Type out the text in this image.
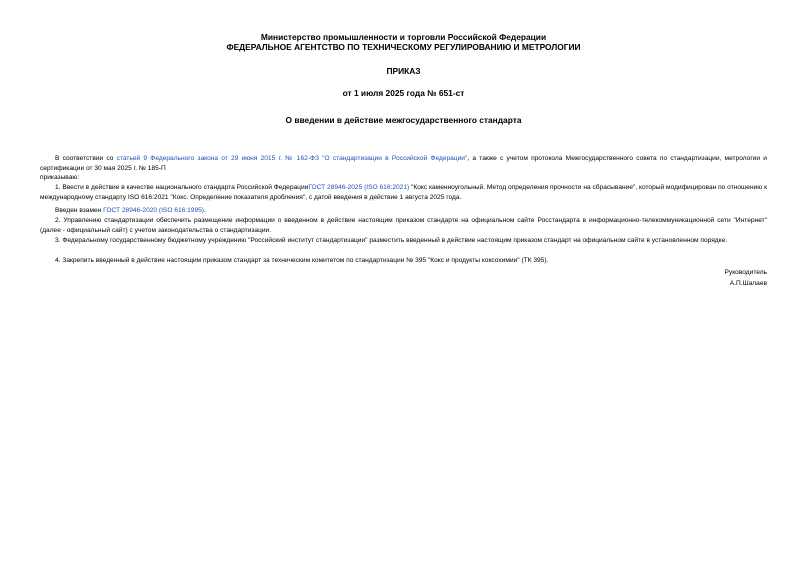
Министерство промышленности и торговли Российской Федерации
ФЕДЕРАЛЬНОЕ АГЕНТСТВО ПО ТЕХНИЧЕСКОМУ РЕГУЛИРОВАНИЮ И МЕТРОЛОГИИ
ПРИКАЗ
от 1 июля 2025 года № 651-ст
О введении в действие межгосударственного стандарта
В соответствии со статьей 9 Федерального закона от 29 июня 2015 г. № 162-ФЗ "О стандартизации в Российской Федерации", а также с учетом протокола Межгосударственного совета по стандартизации, метрологии и сертификации от 30 мая 2025 г. № 185-П
приказываю:
1. Ввести в действие в качестве национального стандарта Российской ФедерацииГОСТ 28946-2025 (ISO 616:2021) "Кокс каменноугольный. Метод определения прочности на сбрасывание", который модифицирован по отношению к международному стандарту ISO 616:2021 "Кокс. Определение показателя дробления", с датой введения в действие 1 августа 2025 года.
Введен взамен ГОСТ 28946-2020 (ISO 616:1995).
2. Управлению стандартизации обеспечить размещение информации о введенном в действие настоящим приказом стандарте на официальном сайте Росстандарта в информационно-телекоммуникационной сети "Интернет" (далее - официальный сайт) с учетом законодательства о стандартизации.
3. Федеральному государственному бюджетному учреждению "Российский институт стандартизации" разместить введенный в действие настоящим приказом стандарт на официальном сайте в установленном порядке.
4. Закрепить введенный в действие настоящим приказом стандарт за техническим комитетом по стандартизации № 395 "Кокс и продукты коксохимии" (ТК 395).
Руководитель
А.П.Шалаев
